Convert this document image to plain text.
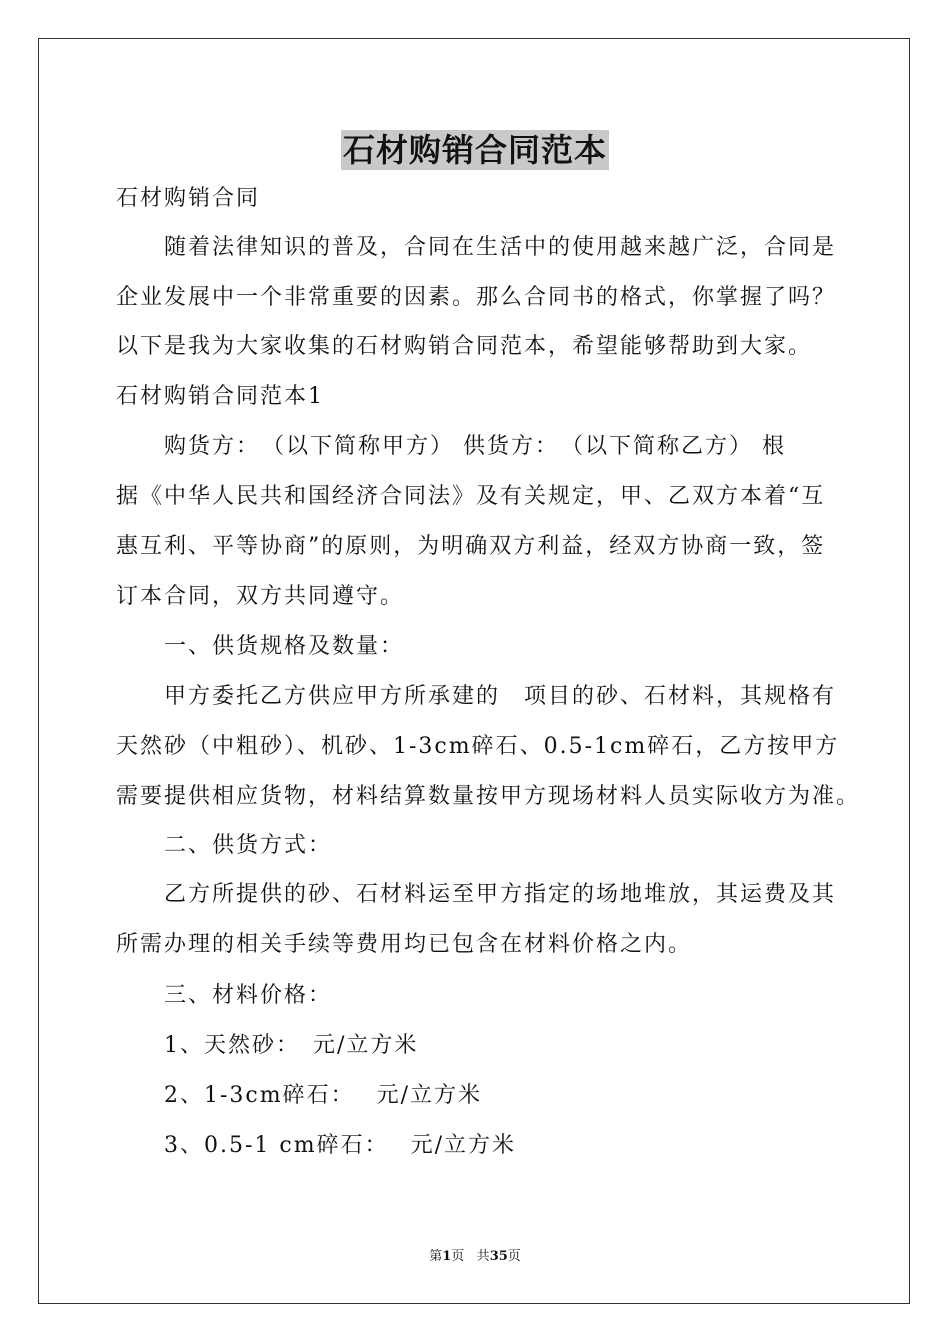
石材购销合同范本
石材购销合同
　　随着法律知识的普及，合同在生活中的使用越来越广泛，合同是
企业发展中一个非常重要的因素。那么合同书的格式，你掌握了吗？
以下是我为大家收集的石材购销合同范本，希望能够帮助到大家。
石材购销合同范本1
　　购货方：　（以下简称甲方） 供货方：　（以下简称乙方） 根
据《中华人民共和国经济合同法》及有关规定，甲、乙双方本着“互
惠互利、平等协商”的原则，为明确双方利益，经双方协商一致，签
订本合同，双方共同遵守。
　　一、供货规格及数量：
　　甲方委托乙方供应甲方所承建的　项目的砂、石材料，其规格有
天然砂（中粗砂）、机砂、1-3cm碎石、0.5-1cm碎石，乙方按甲方
需要提供相应货物，材料结算数量按甲方现场材料人员实际收方为准。
　　二、供货方式：
　　乙方所提供的砂、石材料运至甲方指定的场地堆放，其运费及其
所需办理的相关手续等费用均已包含在材料价格之内。
　　三、材料价格：
　　1、天然砂：　元/立方米
　　2、1-3cm碎石：　 元/立方米
　　3、0.5-1 cm碎石：　 元/立方米
第1页 共35页
